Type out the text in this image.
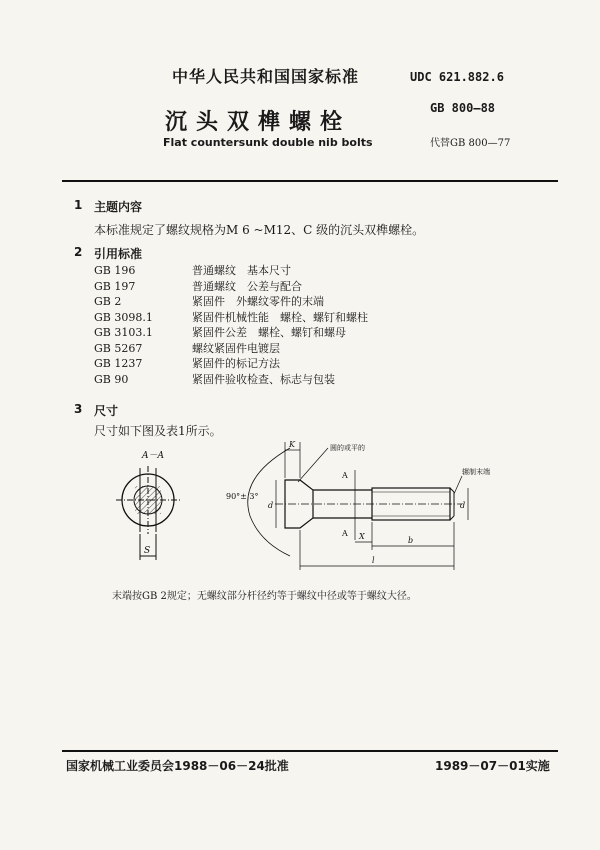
中华人民共和国国家标准
沉头双榫螺栓
Flat countersunk double nib bolts
UDC 621.882.6
GB 800—88
代替GB 800—77
1 主题内容
本标准规定了螺纹规格为M 6 ~M12、C 级的沉头双榫螺栓。
2 引用标准
GB 196	普通螺纹　基本尺寸
GB 197	普通螺纹　公差与配合
GB 2	紧固件　外螺纹零件的末端
GB 3098.1	紧固件机械性能　螺栓、螺钉和螺柱
GB 3103.1	紧固件公差　螺栓、螺钉和螺母
GB 5267	螺纹紧固件电镀层
GB 1237	紧固件的标记方法
GB 90	紧固件验收检查、标志与包装
3 尺寸
尺寸如下图及表1所示。
A－A
S
90°± 3°
A
A
K
d
X	b
l
d
圆的或平的
辗制末端
末端按GB 2规定；无螺纹部分杆径约等于螺纹中径或等于螺纹大径。
国家机械工业委员会1988－06－24批准	1989－07－01实施
